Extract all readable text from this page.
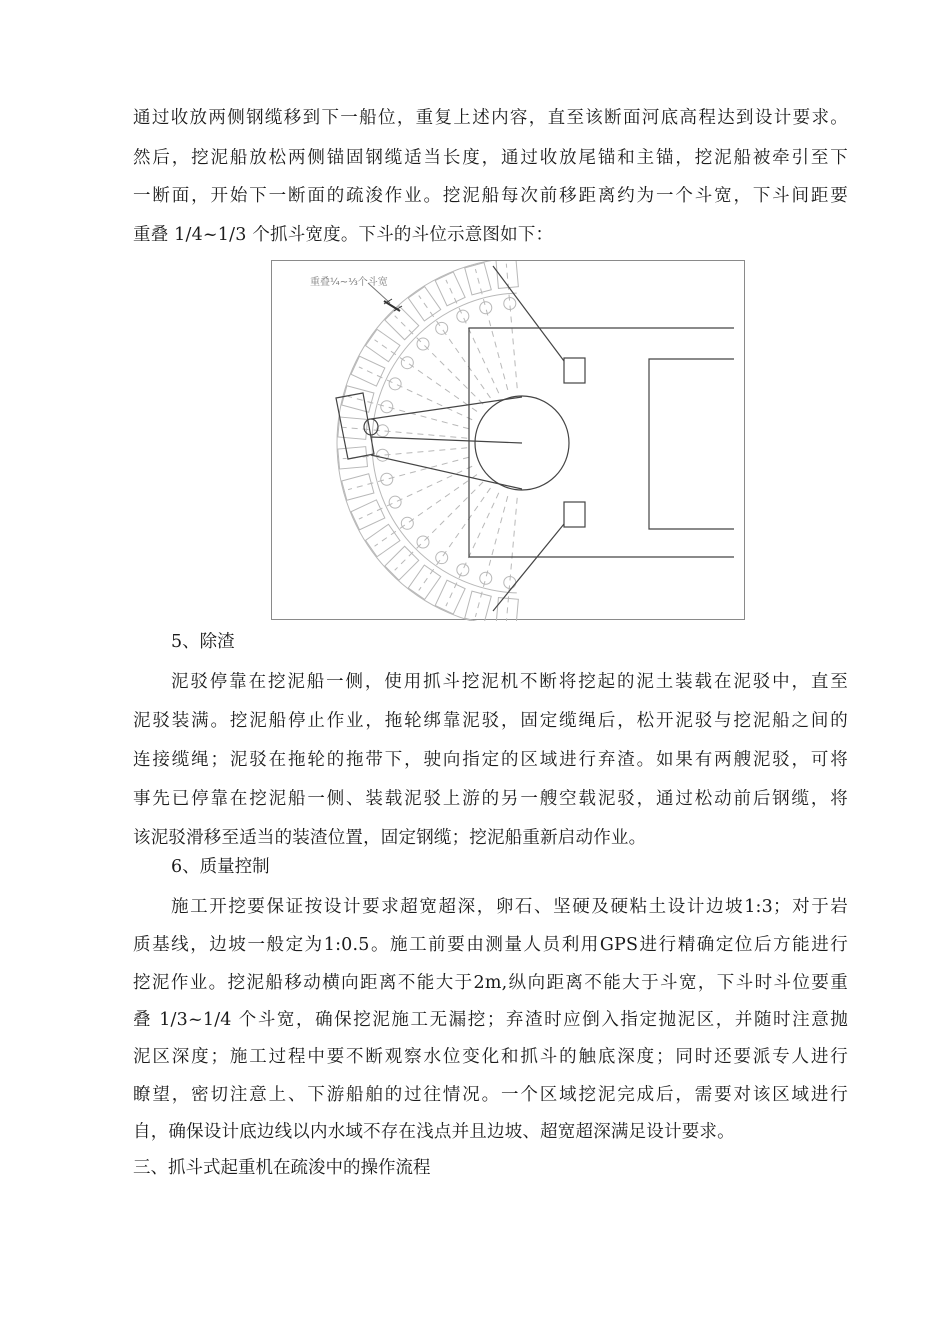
通过收放两侧钢缆移到下一船位，重复上述内容，直至该断面河底高程达到设计要求。
然后，挖泥船放松两侧锚固钢缆适当长度，通过收放尾锚和主锚，挖泥船被牵引至下
一断面，开始下一断面的疏浚作业。挖泥船每次前移距离约为一个斗宽，下斗间距要
重叠 1/4~1/3 个抓斗宽度。下斗的斗位示意图如下：
重叠¼~⅓个斗宽
5、除渣
泥驳停靠在挖泥船一侧，使用抓斗挖泥机不断将挖起的泥土装载在泥驳中，直至
泥驳装满。挖泥船停止作业，拖轮绑靠泥驳，固定缆绳后，松开泥驳与挖泥船之间的
连接缆绳；泥驳在拖轮的拖带下，驶向指定的区域进行弃渣。如果有两艘泥驳，可将
事先已停靠在挖泥船一侧、装载泥驳上游的另一艘空载泥驳，通过松动前后钢缆，将
该泥驳滑移至适当的装渣位置，固定钢缆；挖泥船重新启动作业。
6、质量控制
施工开挖要保证按设计要求超宽超深，卵石、坚硬及硬粘土设计边坡1:3；对于岩
质基线，边坡一般定为1:0.5。施工前要由测量人员利用GPS进行精确定位后方能进行
挖泥作业。挖泥船移动横向距离不能大于2m,纵向距离不能大于斗宽，下斗时斗位要重
叠 1/3~1/4 个斗宽，确保挖泥施工无漏挖；弃渣时应倒入指定抛泥区，并随时注意抛
泥区深度；施工过程中要不断观察水位变化和抓斗的触底深度；同时还要派专人进行
瞭望，密切注意上、下游船舶的过往情况。一个区域挖泥完成后，需要对该区域进行
自，确保设计底边线以内水域不存在浅点并且边坡、超宽超深满足设计要求。
三、抓斗式起重机在疏浚中的操作流程
